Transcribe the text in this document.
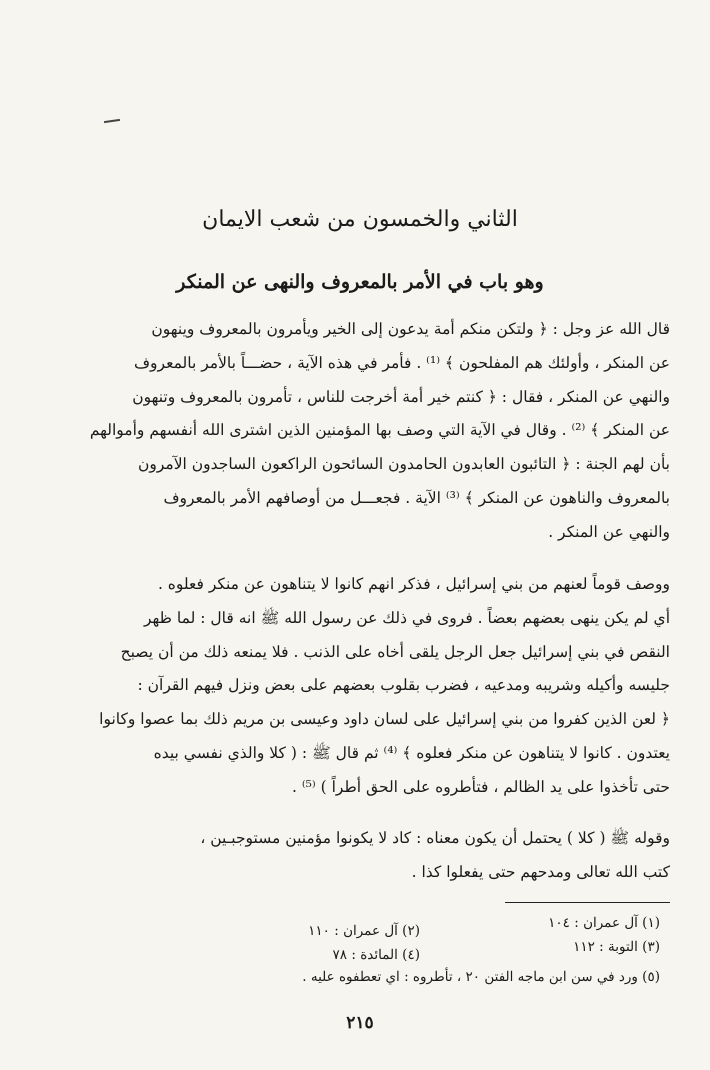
الثاني والخمسون من شعب الايمان
وهو باب في الأمر بالمعروف والنهى عن المنكر

قال الله عز وجل : ﴿ ولتكن منكم أمة يدعون إلى الخير ويأمرون بالمعروف وينهون
عن المنكر ، وأولئك هم المفلحون ﴾ ⁽¹⁾ . فأمر في هذه الآية ، حضـــاً بالأمر بالمعروف
والنهي عن المنكر ، فقال : ﴿ كنتم خير أمة أخرجت للناس ، تأمرون بالمعروف وتنهون
عن المنكر ﴾ ⁽²⁾ . وقال في الآية التي وصف بها المؤمنين الذين اشترى الله أنفسهم وأموالهم
بأن لهم الجنة : ﴿ التائبون العابدون الحامدون السائحون الراكعون الساجدون الآمرون
بالمعروف والناهون عن المنكر ﴾ ⁽³⁾ الآية . فجعـــل من أوصافهم الأمر بالمعروف
والنهي عن المنكر .

ووصف قوماً لعنهم من بني إسرائيل ، فذكر انهم كانوا لا يتناهون عن منكر فعلوه .
أي لم يكن ينهى بعضهم بعضاً . فروى في ذلك عن رسول الله ﷺ انه قال : لما ظهر
النقص في بني إسرائيل جعل الرجل يلقى أخاه على الذنب . فلا يمنعه ذلك من أن يصبح
جليسه وأكيله وشريبه ومدعيه ، فضرب بقلوب بعضهم على بعض ونزل فيهم القرآن :
﴿ لعن الذين كفروا من بني إسرائيل على لسان داود وعيسى بن مريم ذلك بما عصوا وكانوا
يعتدون . كانوا لا يتناهون عن منكر فعلوه ﴾ ⁽⁴⁾ ثم قال ﷺ : ( كلا والذي نفسي بيده
حتى تأخذوا على يد الظالم ، فتأطروه على الحق أطراً ) ⁽⁵⁾ .

وقوله ﷺ ( كلا ) يحتمل أن يكون معناه : كاد لا يكونوا مؤمنين مستوجبـين ،
كتب الله تعالى ومدحهم حتى يفعلوا كذا .

(١) آل عمران : ١٠٤
(٢) آل عمران : ١١٠
(٣) التوبة : ١١٢
(٤) المائدة : ٧٨
(٥) ورد في سن ابن ماجه الفتن ٢٠ ، تأطروه : اي تعطفوه عليه .
٢١٥
